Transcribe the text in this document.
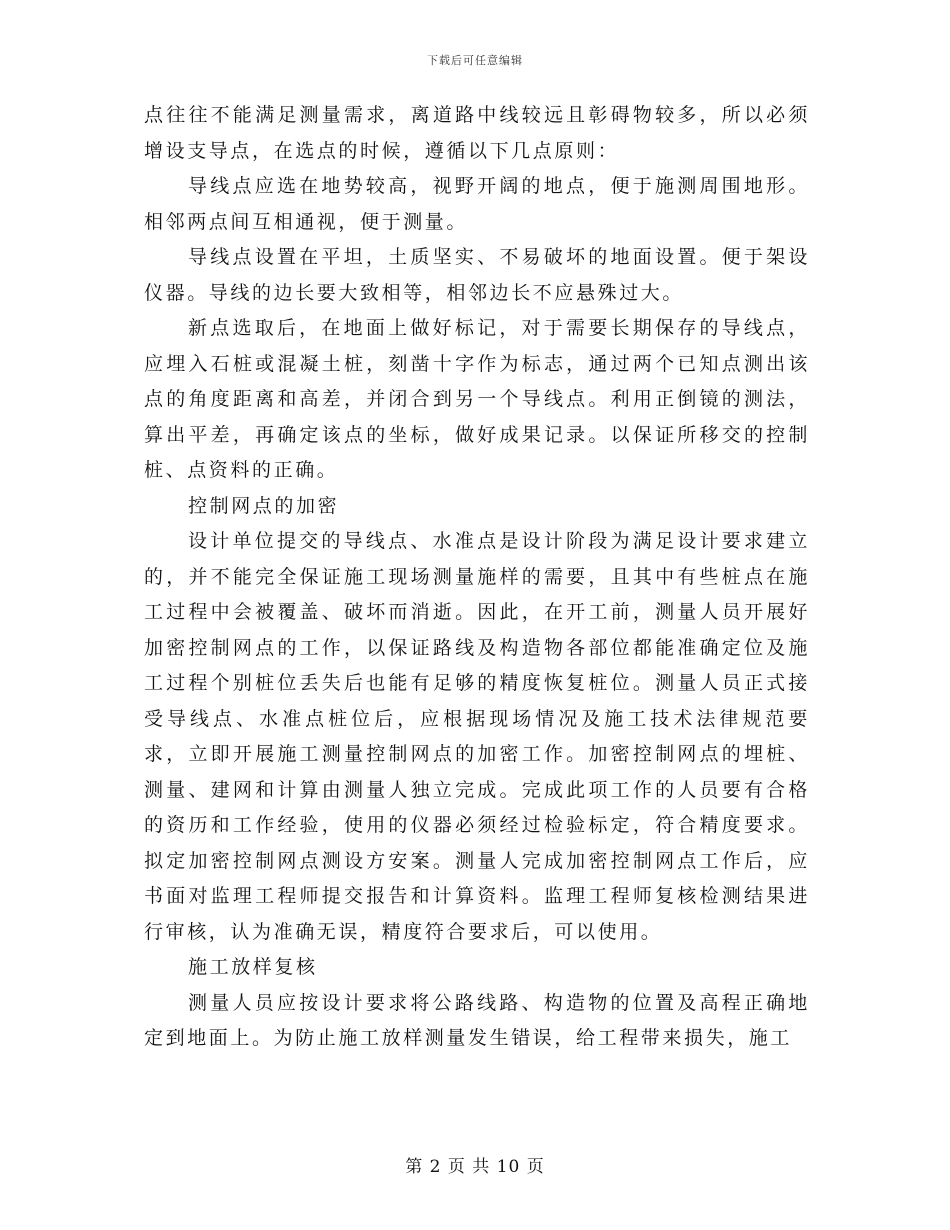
下载后可任意编辑

点往往不能满足测量需求，离道路中线较远且彰碍物较多，所以必须增设支导点，在选点的时候，遵循以下几点原则：

导线点应选在地势较高，视野开阔的地点，便于施测周围地形。相邻两点间互相通视，便于测量。

导线点设置在平坦，土质坚实、不易破坏的地面设置。便于架设仪器。导线的边长要大致相等，相邻边长不应悬殊过大。

新点选取后，在地面上做好标记，对于需要长期保存的导线点，应埋入石桩或混凝土桩，刻凿十字作为标志，通过两个已知点测出该点的角度距离和高差，并闭合到另一个导线点。利用正倒镜的测法，算出平差，再确定该点的坐标，做好成果记录。以保证所移交的控制桩、点资料的正确。

控制网点的加密

设计单位提交的导线点、水准点是设计阶段为满足设计要求建立的，并不能完全保证施工现场测量施样的需要，且其中有些桩点在施工过程中会被覆盖、破坏而消逝。因此，在开工前，测量人员开展好加密控制网点的工作，以保证路线及构造物各部位都能准确定位及施工过程个别桩位丢失后也能有足够的精度恢复桩位。测量人员正式接受导线点、水准点桩位后，应根据现场情况及施工技术法律规范要求，立即开展施工测量控制网点的加密工作。加密控制网点的埋桩、测量、建网和计算由测量人独立完成。完成此项工作的人员要有合格的资历和工作经验，使用的仪器必须经过检验标定，符合精度要求。拟定加密控制网点测设方安案。测量人完成加密控制网点工作后，应书面对监理工程师提交报告和计算资料。监理工程师复核检测结果进行审核，认为准确无误，精度符合要求后，可以使用。

施工放样复核

测量人员应按设计要求将公路线路、构造物的位置及高程正确地定到地面上。为防止施工放样测量发生错误，给工程带来损失，施工

第 2 页 共 10 页
